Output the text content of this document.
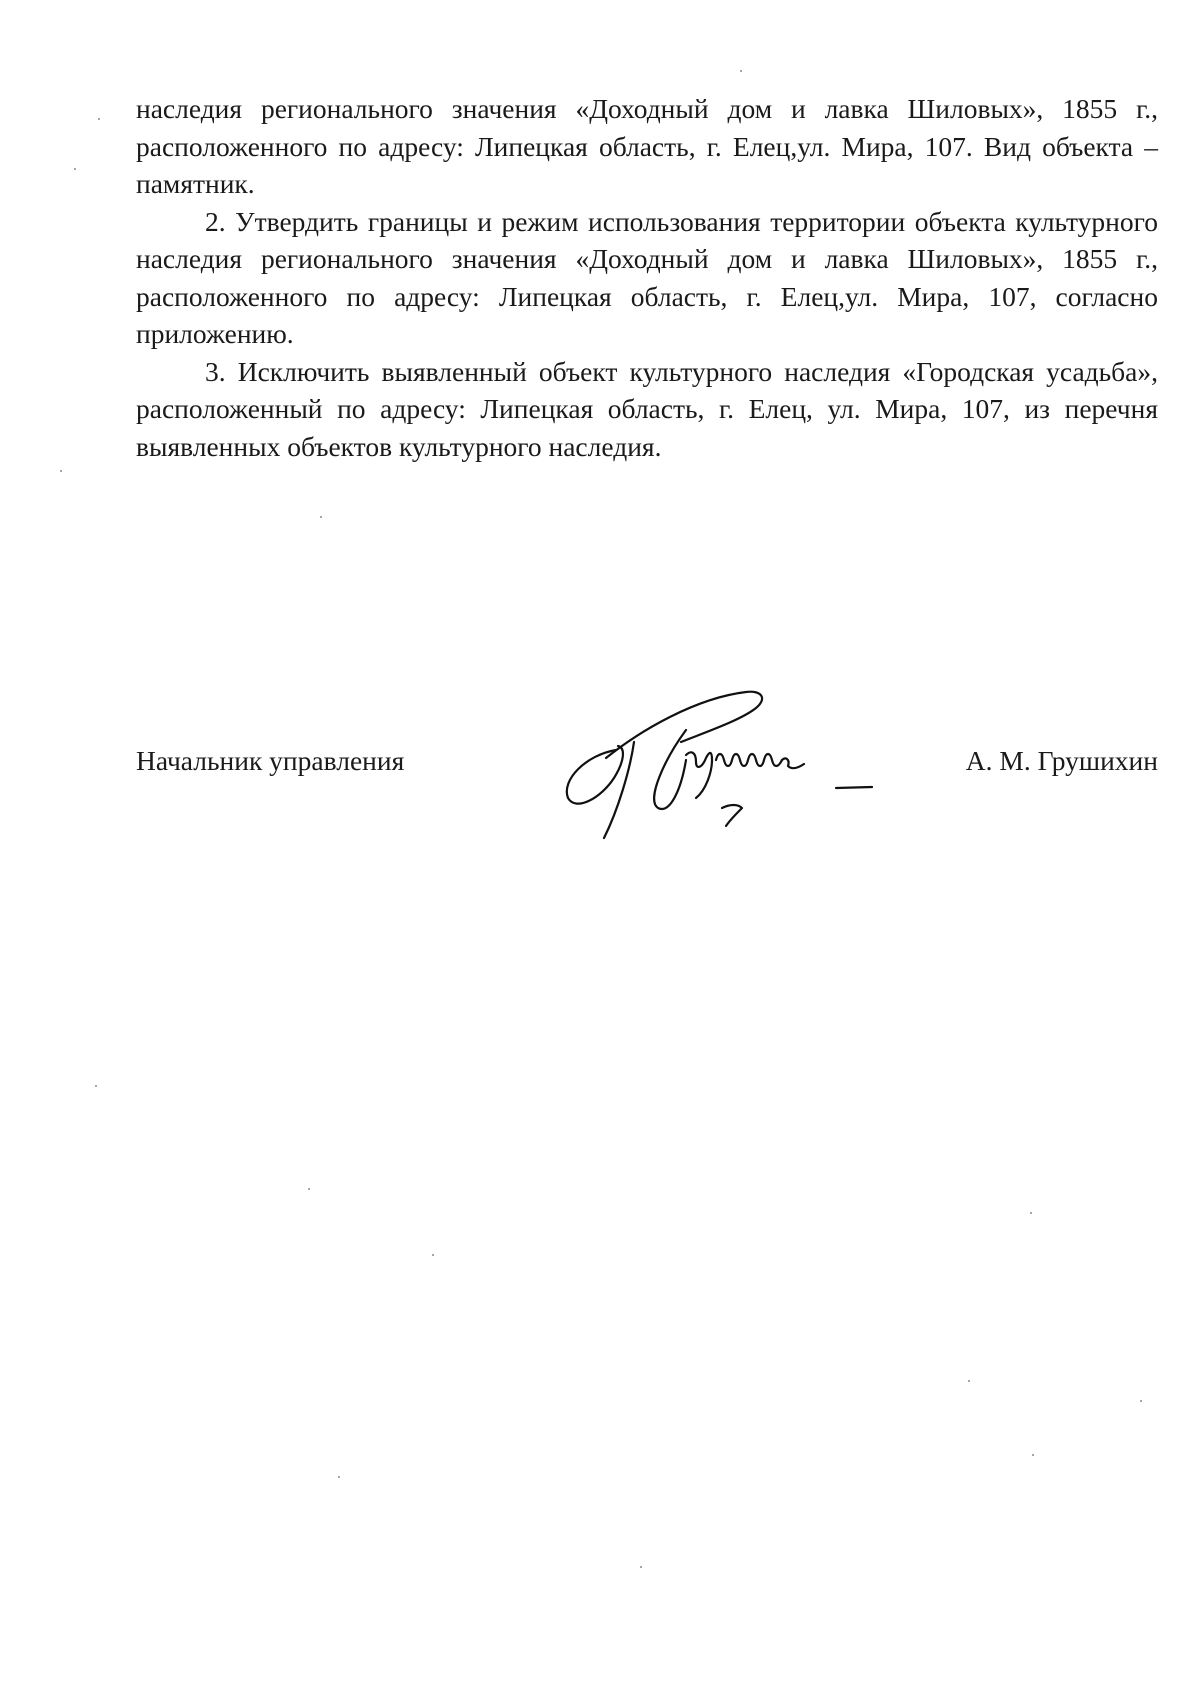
наследия регионального значения «Доходный дом и лавка Шиловых», 1855 г., расположенного по адресу: Липецкая область, г. Елец,ул. Мира, 107. Вид объекта – памятник.

2. Утвердить границы и режим использования территории объекта культурного наследия регионального значения «Доходный дом и лавка Шиловых», 1855 г., расположенного по адресу: Липецкая область, г. Елец,ул. Мира, 107, согласно приложению.

3. Исключить выявленный объект культурного наследия «Городская усадьба», расположенный по адресу: Липецкая область, г. Елец, ул. Мира, 107, из перечня выявленных объектов культурного наследия.

Начальник управления	А. М. Грушихин
